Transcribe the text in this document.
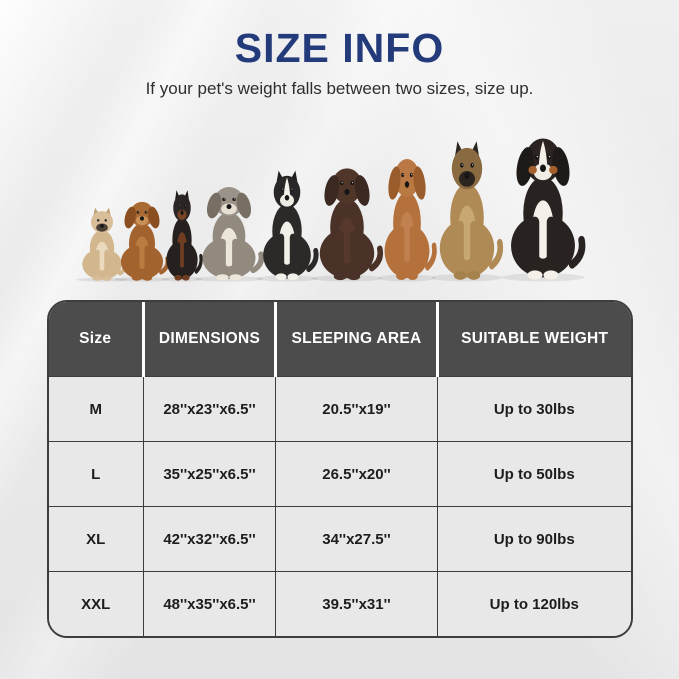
SIZE INFO

If your pet's weight falls between two sizes, size up.

Size	DIMENSIONS	SLEEPING AREA	SUITABLE WEIGHT
M	28''x23''x6.5''	20.5''x19''	Up to 30lbs
L	35''x25''x6.5''	26.5''x20''	Up to 50lbs
XL	42''x32''x6.5''	34''x27.5''	Up to 90lbs
XXL	48''x35''x6.5''	39.5''x31''	Up to 120lbs
